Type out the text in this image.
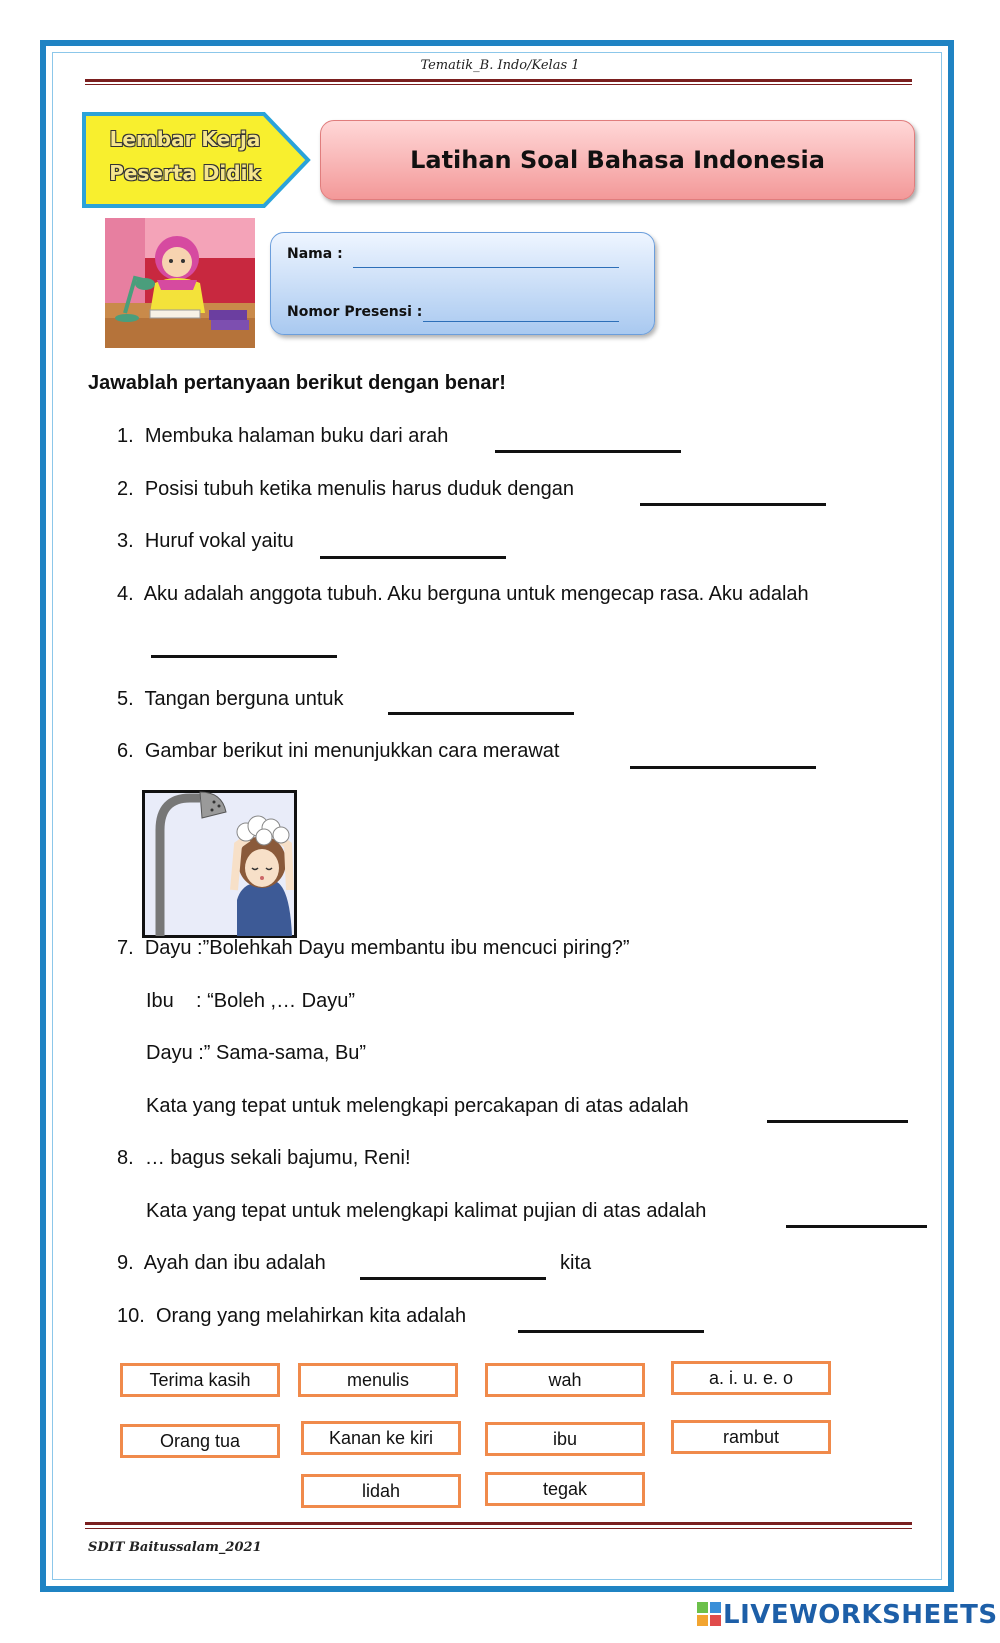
Tematik_B. Indo/Kelas 1
Lembar Kerja
Peserta Didik	Latihan Soal Bahasa Indonesia
Nama :
Nomor Presensi :
Jawablah pertanyaan berikut dengan benar!
1. Membuka halaman buku dari arah
2. Posisi tubuh ketika menulis harus duduk dengan
3. Huruf vokal yaitu
4. Aku adalah anggota tubuh. Aku berguna untuk mengecap rasa. Aku adalah
5.  Tangan berguna untuk
6. Gambar berikut ini menunjukkan cara merawat
7. Dayu :”Bolehkah Dayu membantu ibu mencuci piring?”
Ibu    : “Boleh ,… Dayu”
Dayu :” Sama-sama, Bu”
Kata yang tepat untuk melengkapi percakapan di atas adalah
8. … bagus sekali bajumu, Reni!
Kata yang tepat untuk melengkapi kalimat pujian di atas adalah
9. Ayah dan ibu adalah	kita
10. Orang yang melahirkan kita adalah
Terima kasih	menulis	wah	a. i. u. e. o
Orang tua	Kanan ke kiri	ibu	rambut
lidah	tegak
SDIT Baitussalam_2021
LIVEWORKSHEETS
